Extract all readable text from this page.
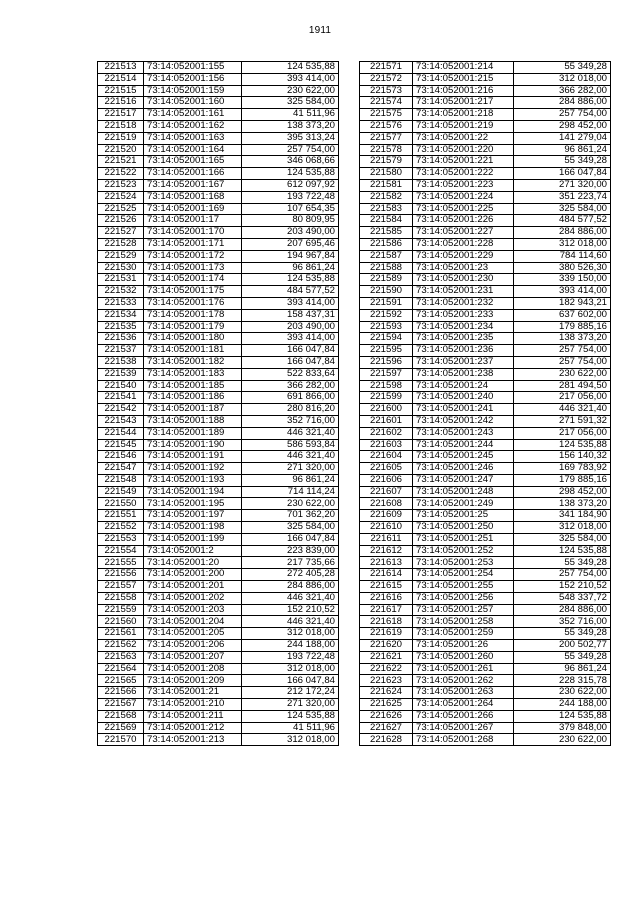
1911
221513	73:14:052001:155	124 535,88
221514	73:14:052001:156	393 414,00
221515	73:14:052001:159	230 622,00
221516	73:14:052001:160	325 584,00
221517	73:14:052001:161	41 511,96
221518	73:14:052001:162	138 373,20
221519	73:14:052001:163	395 313,24
221520	73:14:052001:164	257 754,00
221521	73:14:052001:165	346 068,66
221522	73:14:052001:166	124 535,88
221523	73:14:052001:167	612 097,92
221524	73:14:052001:168	193 722,48
221525	73:14:052001:169	107 654,35
221526	73:14:052001:17	80 809,95
221527	73:14:052001:170	203 490,00
221528	73:14:052001:171	207 695,46
221529	73:14:052001:172	194 967,84
221530	73:14:052001:173	96 861,24
221531	73:14:052001:174	124 535,88
221532	73:14:052001:175	484 577,52
221533	73:14:052001:176	393 414,00
221534	73:14:052001:178	158 437,31
221535	73:14:052001:179	203 490,00
221536	73:14:052001:180	393 414,00
221537	73:14:052001:181	166 047,84
221538	73:14:052001:182	166 047,84
221539	73:14:052001:183	522 833,64
221540	73:14:052001:185	366 282,00
221541	73:14:052001:186	691 866,00
221542	73:14:052001:187	280 816,20
221543	73:14:052001:188	352 716,00
221544	73:14:052001:189	446 321,40
221545	73:14:052001:190	586 593,84
221546	73:14:052001:191	446 321,40
221547	73:14:052001:192	271 320,00
221548	73:14:052001:193	96 861,24
221549	73:14:052001:194	714 114,24
221550	73:14:052001:195	230 622,00
221551	73:14:052001:197	701 362,20
221552	73:14:052001:198	325 584,00
221553	73:14:052001:199	166 047,84
221554	73:14:052001:2	223 839,00
221555	73:14:052001:20	217 735,66
221556	73:14:052001:200	272 405,28
221557	73:14:052001:201	284 886,00
221558	73:14:052001:202	446 321,40
221559	73:14:052001:203	152 210,52
221560	73:14:052001:204	446 321,40
221561	73:14:052001:205	312 018,00
221562	73:14:052001:206	244 188,00
221563	73:14:052001:207	193 722,48
221564	73:14:052001:208	312 018,00
221565	73:14:052001:209	166 047,84
221566	73:14:052001:21	212 172,24
221567	73:14:052001:210	271 320,00
221568	73:14:052001:211	124 535,88
221569	73:14:052001:212	41 511,96
221570	73:14:052001:213	312 018,00
221571	73:14:052001:214	55 349,28
221572	73:14:052001:215	312 018,00
221573	73:14:052001:216	366 282,00
221574	73:14:052001:217	284 886,00
221575	73:14:052001:218	257 754,00
221576	73:14:052001:219	298 452,00
221577	73:14:052001:22	141 279,04
221578	73:14:052001:220	96 861,24
221579	73:14:052001:221	55 349,28
221580	73:14:052001:222	166 047,84
221581	73:14:052001:223	271 320,00
221582	73:14:052001:224	351 223,74
221583	73:14:052001:225	325 584,00
221584	73:14:052001:226	484 577,52
221585	73:14:052001:227	284 886,00
221586	73:14:052001:228	312 018,00
221587	73:14:052001:229	784 114,60
221588	73:14:052001:23	380 526,30
221589	73:14:052001:230	339 150,00
221590	73:14:052001:231	393 414,00
221591	73:14:052001:232	182 943,21
221592	73:14:052001:233	637 602,00
221593	73:14:052001:234	179 885,16
221594	73:14:052001:235	138 373,20
221595	73:14:052001:236	257 754,00
221596	73:14:052001:237	257 754,00
221597	73:14:052001:238	230 622,00
221598	73:14:052001:24	281 494,50
221599	73:14:052001:240	217 056,00
221600	73:14:052001:241	446 321,40
221601	73:14:052001:242	271 591,32
221602	73:14:052001:243	217 056,00
221603	73:14:052001:244	124 535,88
221604	73:14:052001:245	156 140,32
221605	73:14:052001:246	169 783,92
221606	73:14:052001:247	179 885,16
221607	73:14:052001:248	298 452,00
221608	73:14:052001:249	138 373,20
221609	73:14:052001:25	341 184,90
221610	73:14:052001:250	312 018,00
221611	73:14:052001:251	325 584,00
221612	73:14:052001:252	124 535,88
221613	73:14:052001:253	55 349,28
221614	73:14:052001:254	257 754,00
221615	73:14:052001:255	152 210,52
221616	73:14:052001:256	548 337,72
221617	73:14:052001:257	284 886,00
221618	73:14:052001:258	352 716,00
221619	73:14:052001:259	55 349,28
221620	73:14:052001:26	200 502,77
221621	73:14:052001:260	55 349,28
221622	73:14:052001:261	96 861,24
221623	73:14:052001:262	228 315,78
221624	73:14:052001:263	230 622,00
221625	73:14:052001:264	244 188,00
221626	73:14:052001:266	124 535,88
221627	73:14:052001:267	379 848,00
221628	73:14:052001:268	230 622,00
